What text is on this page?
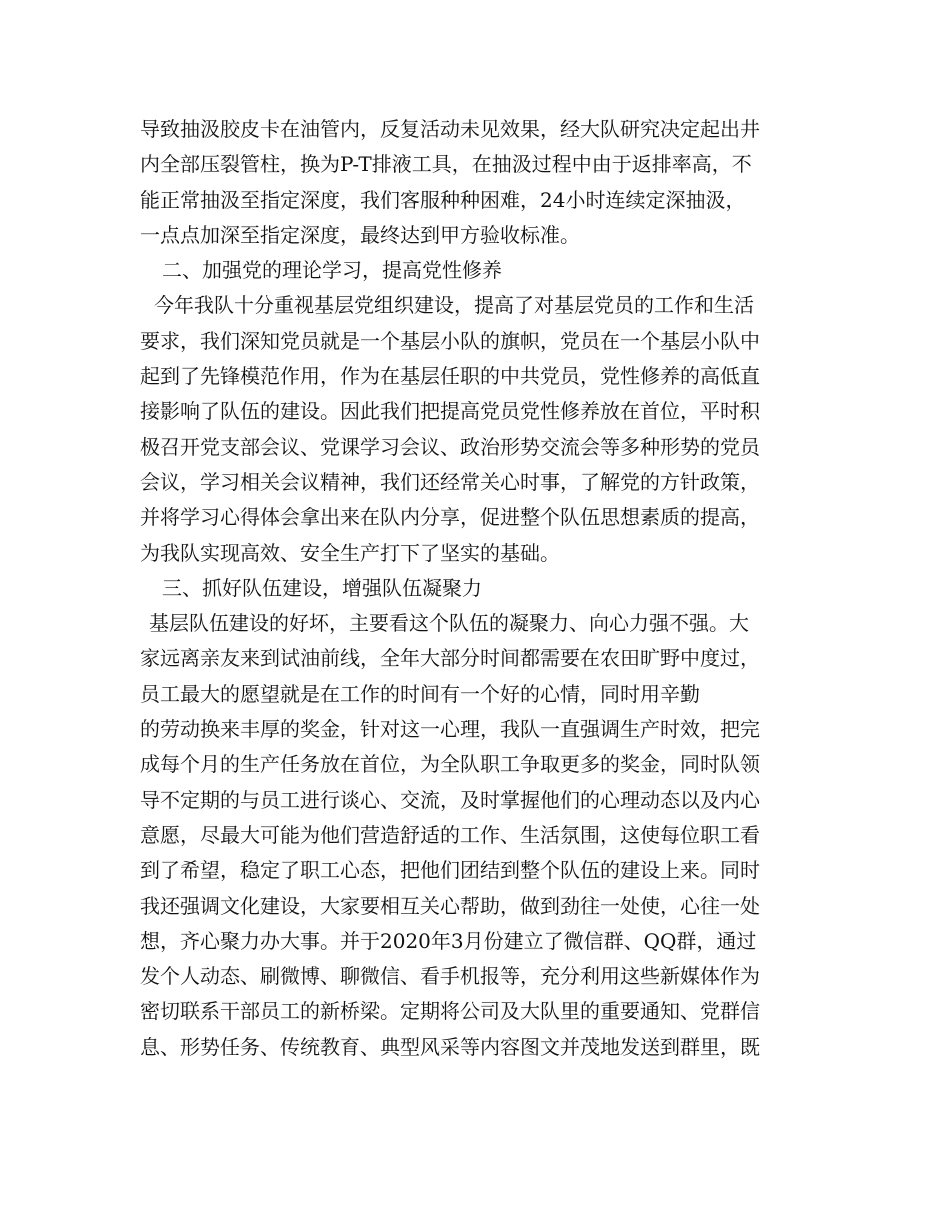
导致抽汲胶皮卡在油管内，反复活动未见效果，经大队研究决定起出井
内全部压裂管柱，换为P-T排液工具，在抽汲过程中由于返排率高，不
能正常抽汲至指定深度，我们客服种种困难，24小时连续定深抽汲，
一点点加深至指定深度，最终达到甲方验收标准。
二、加强党的理论学习，提高党性修养
今年我队十分重视基层党组织建设，提高了对基层党员的工作和生活
要求，我们深知党员就是一个基层小队的旗帜，党员在一个基层小队中
起到了先锋模范作用，作为在基层任职的中共党员，党性修养的高低直
接影响了队伍的建设。因此我们把提高党员党性修养放在首位，平时积
极召开党支部会议、党课学习会议、政治形势交流会等多种形势的党员
会议，学习相关会议精神，我们还经常关心时事，了解党的方针政策，
并将学习心得体会拿出来在队内分享，促进整个队伍思想素质的提高，
为我队实现高效、安全生产打下了坚实的基础。
三、抓好队伍建设，增强队伍凝聚力
基层队伍建设的好坏，主要看这个队伍的凝聚力、向心力强不强。大
家远离亲友来到试油前线，全年大部分时间都需要在农田旷野中度过，
员工最大的愿望就是在工作的时间有一个好的心情，同时用辛勤
的劳动换来丰厚的奖金，针对这一心理，我队一直强调生产时效，把完
成每个月的生产任务放在首位，为全队职工争取更多的奖金，同时队领
导不定期的与员工进行谈心、交流，及时掌握他们的心理动态以及内心
意愿，尽最大可能为他们营造舒适的工作、生活氛围，这使每位职工看
到了希望，稳定了职工心态，把他们团结到整个队伍的建设上来。同时
我还强调文化建设，大家要相互关心帮助，做到劲往一处使，心往一处
想，齐心聚力办大事。并于2020年3月份建立了微信群、QQ群，通过
发个人动态、刷微博、聊微信、看手机报等，充分利用这些新媒体作为
密切联系干部员工的新桥梁。定期将公司及大队里的重要通知、党群信
息、形势任务、传统教育、典型风采等内容图文并茂地发送到群里，既
